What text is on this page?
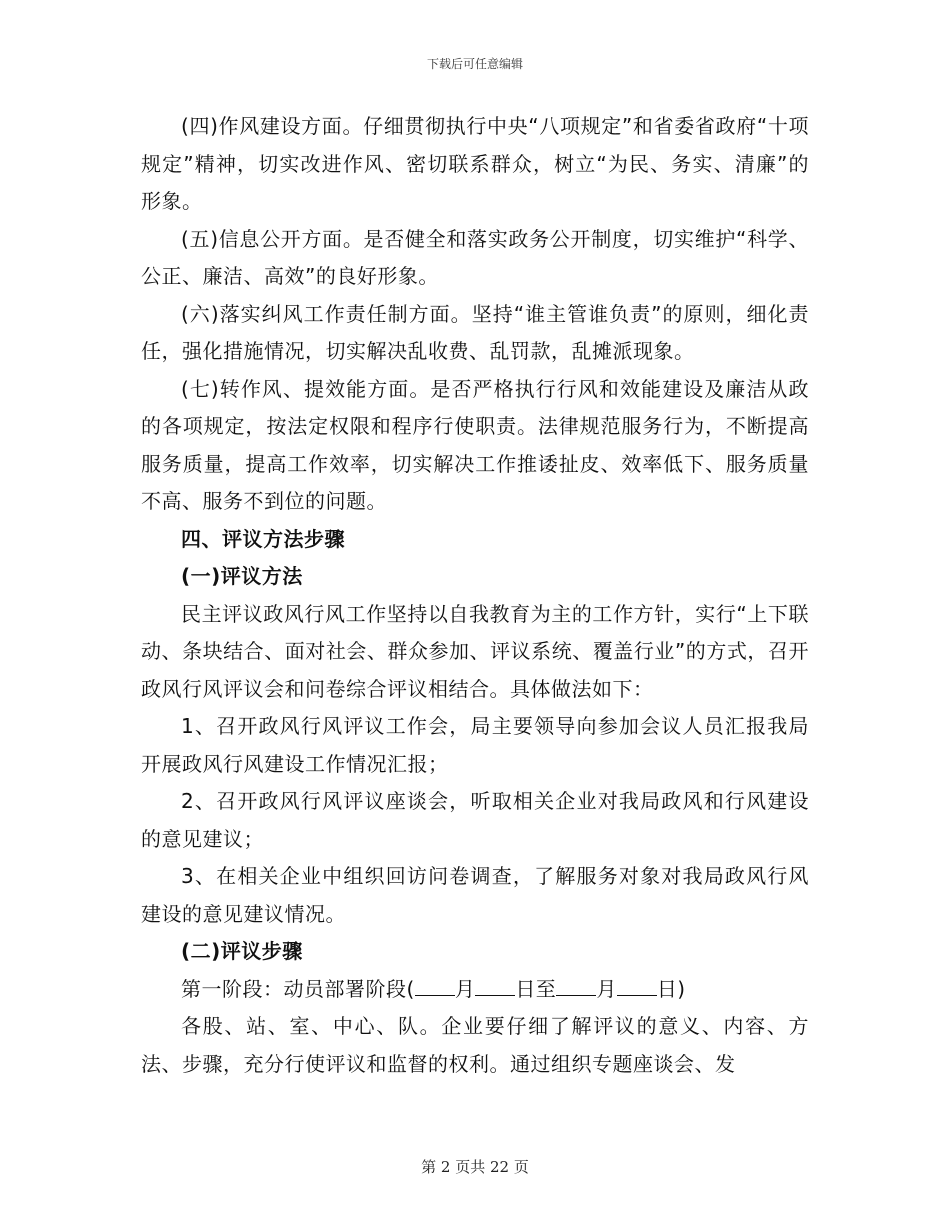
下载后可任意编辑

(四)作风建设方面。仔细贯彻执行中央“八项规定”和省委省政府“十项规定”精神，切实改进作风、密切联系群众，树立“为民、务实、清廉”的形象。

(五)信息公开方面。是否健全和落实政务公开制度，切实维护“科学、公正、廉洁、高效”的良好形象。

(六)落实纠风工作责任制方面。坚持“谁主管谁负责”的原则，细化责任，强化措施情况，切实解决乱收费、乱罚款，乱摊派现象。

(七)转作风、提效能方面。是否严格执行行风和效能建设及廉洁从政的各项规定，按法定权限和程序行使职责。法律规范服务行为，不断提高服务质量，提高工作效率，切实解决工作推诿扯皮、效率低下、服务质量不高、服务不到位的问题。

四、评议方法步骤

(一)评议方法

民主评议政风行风工作坚持以自我教育为主的工作方针，实行“上下联动、条块结合、面对社会、群众参加、评议系统、覆盖行业”的方式，召开政风行风评议会和问卷综合评议相结合。具体做法如下：

1、召开政风行风评议工作会，局主要领导向参加会议人员汇报我局开展政风行风建设工作情况汇报；

2、召开政风行风评议座谈会，听取相关企业对我局政风和行风建设的意见建议；

3、在相关企业中组织回访问卷调查，了解服务对象对我局政风行风建设的意见建议情况。

(二)评议步骤

第一阶段：动员部署阶段( 月 日至 月 日)

各股、站、室、中心、队。企业要仔细了解评议的意义、内容、方法、步骤，充分行使评议和监督的权利。通过组织专题座谈会、发

第 2 页共 22 页
